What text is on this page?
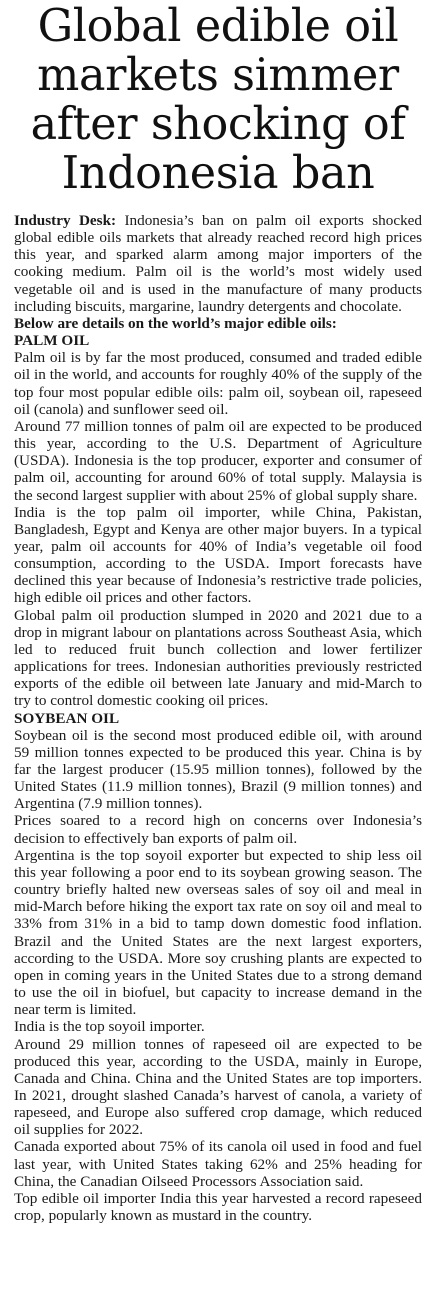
Global edible oil markets simmer after shocking of Indonesia ban

Industry Desk: Indonesia’s ban on palm oil exports shocked global edible oils markets that already reached record high prices this year, and sparked alarm among major importers of the cooking medium. Palm oil is the world’s most widely used vegetable oil and is used in the manufacture of many products including biscuits, margarine, laundry detergents and chocolate.

Below are details on the world’s major edible oils:

PALM OIL

Palm oil is by far the most produced, consumed and traded edible oil in the world, and accounts for roughly 40% of the supply of the top four most popular edible oils: palm oil, soybean oil, rapeseed oil (canola) and sunflower seed oil.

Around 77 million tonnes of palm oil are expected to be produced this year, according to the U.S. Department of Agriculture (USDA). Indonesia is the top producer, exporter and consumer of palm oil, accounting for around 60% of total supply. Malaysia is the second largest supplier with about 25% of global supply share.

India is the top palm oil importer, while China, Pakistan, Bangladesh, Egypt and Kenya are other major buyers. In a typical year, palm oil accounts for 40% of India’s vegetable oil food consumption, according to the USDA. Import forecasts have declined this year because of Indonesia’s restrictive trade policies, high edible oil prices and other factors.

Global palm oil production slumped in 2020 and 2021 due to a drop in migrant labour on plantations across Southeast Asia, which led to reduced fruit bunch collection and lower fertilizer applications for trees. Indonesian authorities previously restricted exports of the edible oil between late January and mid-March to try to control domestic cooking oil prices.

SOYBEAN OIL

Soybean oil is the second most produced edible oil, with around 59 million tonnes expected to be produced this year. China is by far the largest producer (15.95 million tonnes), followed by the United States (11.9 million tonnes), Brazil (9 million tonnes) and Argentina (7.9 million tonnes).

Prices soared to a record high on concerns over Indonesia’s decision to effectively ban exports of palm oil.

Argentina is the top soyoil exporter but expected to ship less oil this year following a poor end to its soybean growing season. The country briefly halted new overseas sales of soy oil and meal in mid-March before hiking the export tax rate on soy oil and meal to 33% from 31% in a bid to tamp down domestic food inflation. Brazil and the United States are the next largest exporters, according to the USDA. More soy crushing plants are expected to open in coming years in the United States due to a strong demand to use the oil in biofuel, but capacity to increase demand in the near term is limited.

India is the top soyoil importer.

Around 29 million tonnes of rapeseed oil are expected to be produced this year, according to the USDA, mainly in Europe, Canada and China. China and the United States are top importers. In 2021, drought slashed Canada’s harvest of canola, a variety of rapeseed, and Europe also suffered crop damage, which reduced oil supplies for 2022.

Canada exported about 75% of its canola oil used in food and fuel last year, with United States taking 62% and 25% heading for China, the Canadian Oilseed Processors Association said.

Top edible oil importer India this year harvested a record rapeseed crop, popularly known as mustard in the country.
